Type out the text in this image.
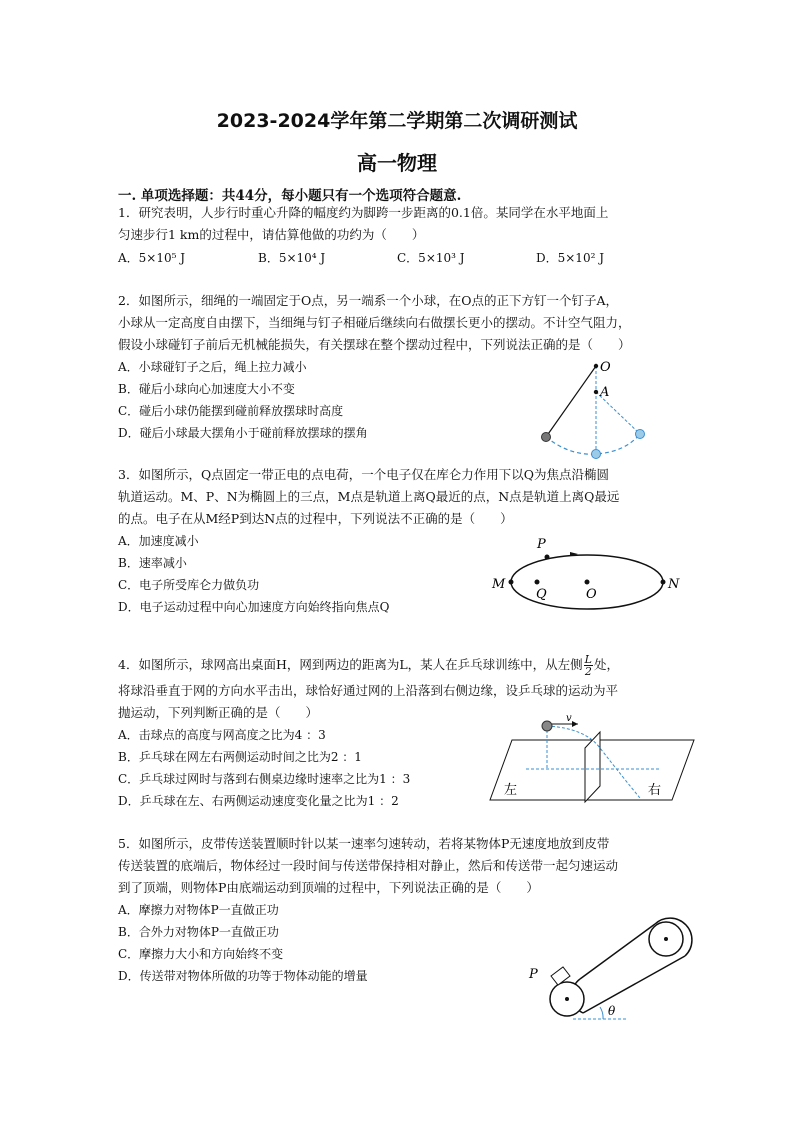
2023-2024学年第二学期第二次调研测试
高一物理
一. 单项选择题：共44分，每小题只有一个选项符合题意.
1．研究表明，人步行时重心升降的幅度约为脚跨一步距离的0.1倍。某同学在水平地面上
匀速步行1 km的过程中，请估算他做的功约为（　　）
A．5×10⁵ J	B．5×10⁴ J	C．5×10³ J	D．5×10² J
2．如图所示，细绳的一端固定于O点，另一端系一个小球，在O点的正下方钉一个钉子A，
小球从一定高度自由摆下，当细绳与钉子相碰后继续向右做摆长更小的摆动。不计空气阻力，
假设小球碰钉子前后无机械能损失，有关摆球在整个摆动过程中，下列说法正确的是（　　）
A．小球碰钉子之后，绳上拉力减小
B．碰后小球向心加速度大小不变
C．碰后小球仍能摆到碰前释放摆球时高度
D．碰后小球最大摆角小于碰前释放摆球的摆角
O
A
3．如图所示，Q点固定一带正电的点电荷，一个电子仅在库仑力作用下以Q为焦点沿椭圆
轨道运动。M、P、N为椭圆上的三点，M点是轨道上离Q最近的点，N点是轨道上离Q最远
的点。电子在从M经P到达N点的过程中，下列说法不正确的是（　　）
A．加速度减小
B．速率减小
C．电子所受库仑力做负功
D．电子运动过程中向心加速度方向始终指向焦点Q
P
M	N
Q	O
4．如图所示，球网高出桌面H，网到两边的距离为L，某人在乒乓球训练中，从左侧 $\frac{L}{2}$ 处，
将球沿垂直于网的方向水平击出，球恰好通过网的上沿落到右侧边缘，设乒乓球的运动为平
抛运动，下列判断正确的是（　　）
A．击球点的高度与网高度之比为4 ：3
B．乒乓球在网左右两侧运动时间之比为2 ：1
C．乒乓球过网时与落到右侧桌边缘时速率之比为1 ：3
D．乒乓球在左、右两侧运动速度变化量之比为1 ：2
v
左	右
5．如图所示，皮带传送装置顺时针以某一速率匀速转动，若将某物体P无速度地放到皮带
传送装置的底端后，物体经过一段时间与传送带保持相对静止，然后和传送带一起匀速运动
到了顶端，则物体P由底端运动到顶端的过程中，下列说法正确的是（　　）
A．摩擦力对物体P一直做正功
B．合外力对物体P一直做正功
C．摩擦力大小和方向始终不变
D．传送带对物体所做的功等于物体动能的增量	P
θ
